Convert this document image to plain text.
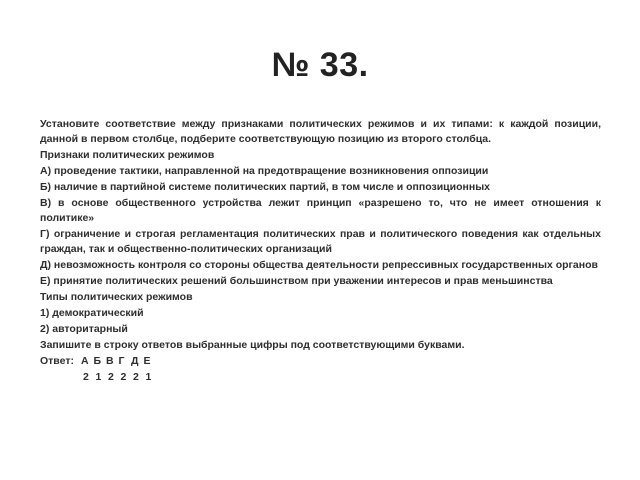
№ 33.

Установите соответствие между признаками политических режимов и их типами: к каждой позиции, данной в первом столбце, подберите соответствующую позицию из второго столбца.

Признаки политических режимов

А) проведение тактики, направленной на предотвращение возникновения оппозиции

Б) наличие в партийной системе политических партий, в том числе и оппозиционных

В) в основе общественного устройства лежит принцип «разрешено то, что не имеет отношения к политике»

Г) ограничение и строгая регламентация политических прав и политического поведения как отдельных граждан, так и общественно-политических организаций

Д) невозможность контроля со стороны общества деятельности репрессивных государственных органов

Е) принятие политических решений большинством при уважении интересов и прав меньшинства

Типы политических режимов

1) демократический

2) авторитарный

Запишите в строку ответов выбранные цифры под соответствующими буквами.

Ответ: А Б В Г Д Е
2 1 2 2 2 1
